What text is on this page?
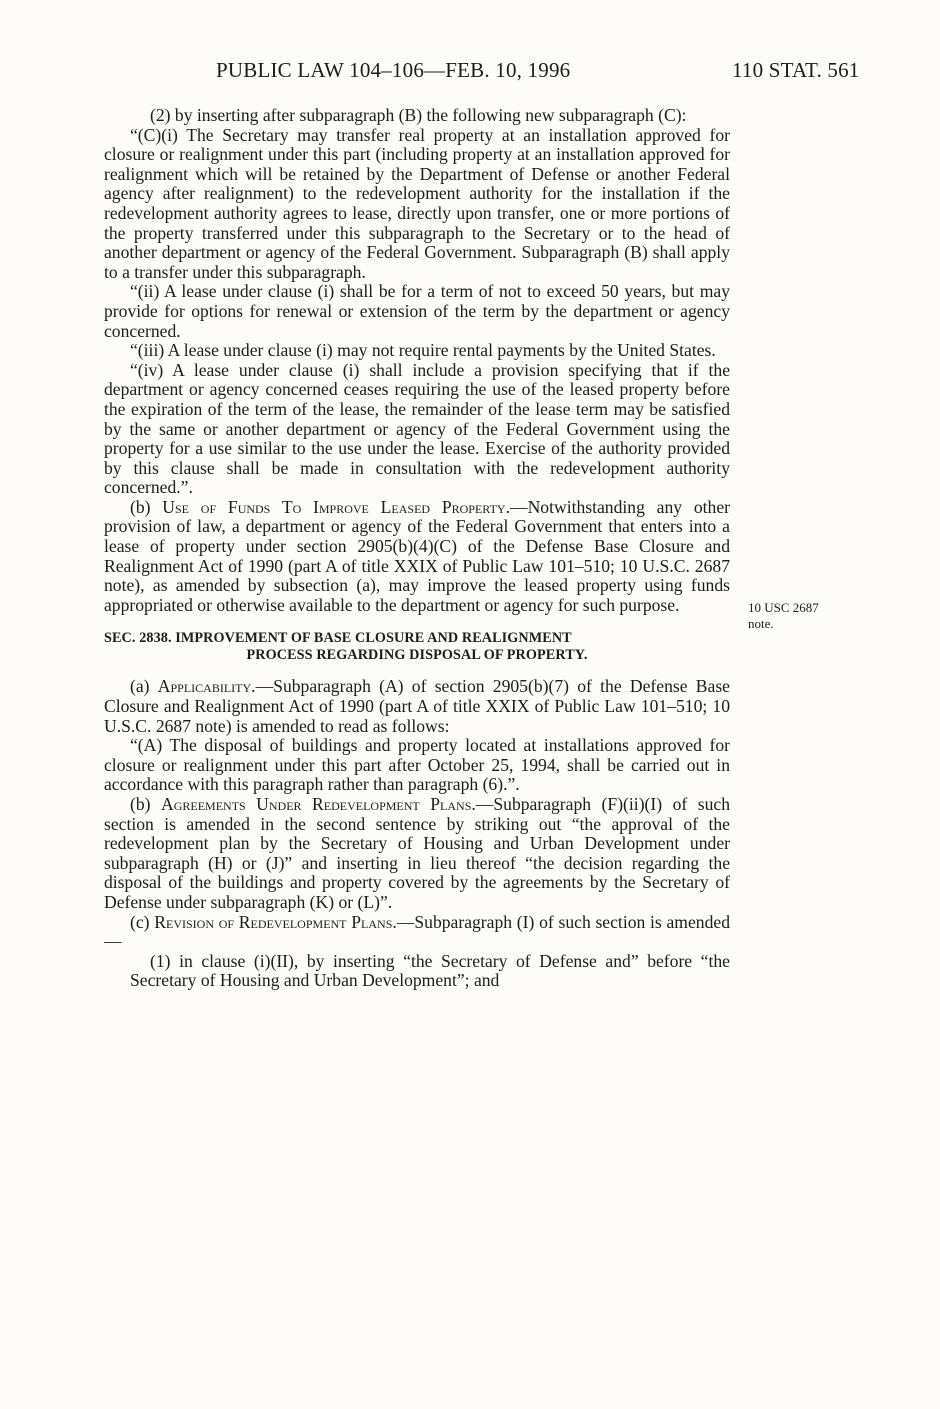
PUBLIC LAW 104–106—FEB. 10, 1996	110 STAT. 561
10 USC 2687
note.

(2) by inserting after subparagraph (B) the following new subparagraph (C):

“(C)(i) The Secretary may transfer real property at an installation approved for closure or realignment under this part (including property at an installation approved for realignment which will be retained by the Department of Defense or another Federal agency after realignment) to the redevelopment authority for the installation if the redevelopment authority agrees to lease, directly upon transfer, one or more portions of the property transferred under this subparagraph to the Secretary or to the head of another department or agency of the Federal Government. Subparagraph (B) shall apply to a transfer under this subparagraph.

“(ii) A lease under clause (i) shall be for a term of not to exceed 50 years, but may provide for options for renewal or extension of the term by the department or agency concerned.

“(iii) A lease under clause (i) may not require rental payments by the United States.

“(iv) A lease under clause (i) shall include a provision specifying that if the department or agency concerned ceases requiring the use of the leased property before the expiration of the term of the lease, the remainder of the lease term may be satisfied by the same or another department or agency of the Federal Government using the property for a use similar to the use under the lease. Exercise of the authority provided by this clause shall be made in consultation with the redevelopment authority concerned.”.

(b) Use of Funds To Improve Leased Property.—Notwithstanding any other provision of law, a department or agency of the Federal Government that enters into a lease of property under section 2905(b)(4)(C) of the Defense Base Closure and Realignment Act of 1990 (part A of title XXIX of Public Law 101–510; 10 U.S.C. 2687 note), as amended by subsection (a), may improve the leased property using funds appropriated or otherwise available to the department or agency for such purpose.

SEC. 2838. IMPROVEMENT OF BASE CLOSURE AND REALIGNMENT
PROCESS REGARDING DISPOSAL OF PROPERTY.

(a) Applicability.—Subparagraph (A) of section 2905(b)(7) of the Defense Base Closure and Realignment Act of 1990 (part A of title XXIX of Public Law 101–510; 10 U.S.C. 2687 note) is amended to read as follows:

“(A) The disposal of buildings and property located at installations approved for closure or realignment under this part after October 25, 1994, shall be carried out in accordance with this paragraph rather than paragraph (6).”.

(b) Agreements Under Redevelopment Plans.—Subparagraph (F)(ii)(I) of such section is amended in the second sentence by striking out “the approval of the redevelopment plan by the Secretary of Housing and Urban Development under subparagraph (H) or (J)” and inserting in lieu thereof “the decision regarding the disposal of the buildings and property covered by the agreements by the Secretary of Defense under subparagraph (K) or (L)”.

(c) Revision of Redevelopment Plans.—Subparagraph (I) of such section is amended—

(1) in clause (i)(II), by inserting “the Secretary of Defense and” before “the Secretary of Housing and Urban Development”; and
